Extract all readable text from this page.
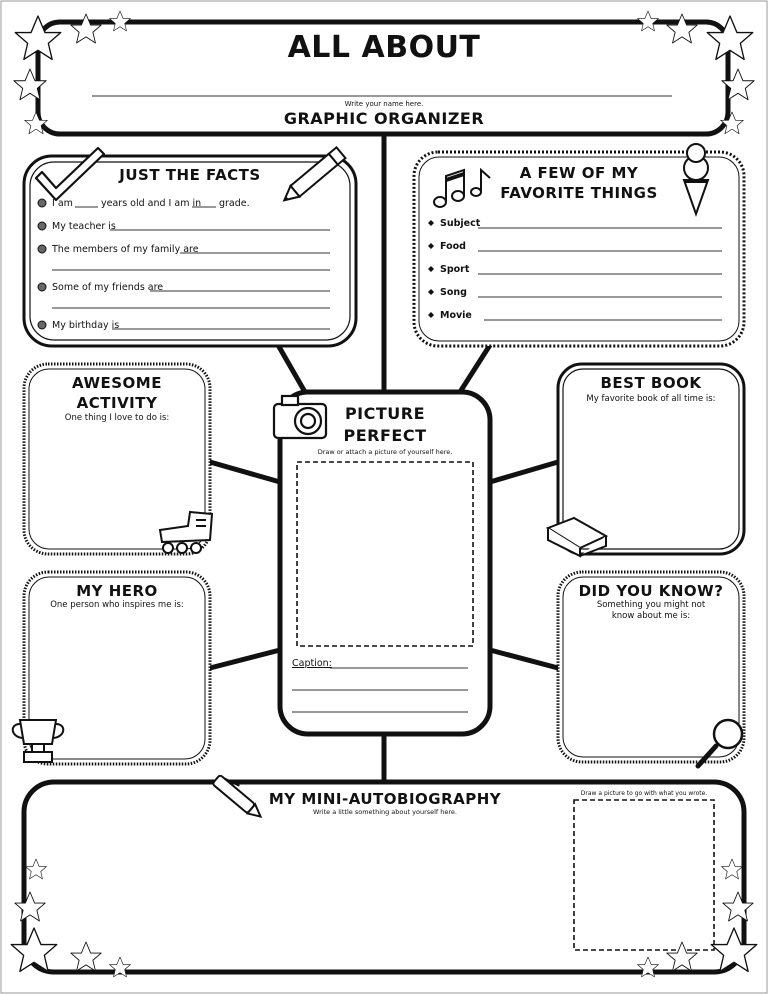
ALL ABOUT
Write your name here.
GRAPHIC ORGANIZER
JUST THE FACTS
I am	years old and I am in grade.
My teacher is
The members of my family are
Some of my friends are
My birthday is
A FEW OF MY
FAVORITE THINGS
Subject
Food
Sport
Song
Movie
AWESOME
ACTIVITY
One thing I love to do is:	PICTURE
PERFECT
Draw or attach a picture of yourself here.
Caption:
BEST BOOK
My favorite book of all time is:
MY HERO
One person who inspires me is:
DID YOU KNOW?
Something you might not
know about me is:
MY MINI-AUTOBIOGRAPHY
Write a little something about yourself here.
Draw a picture to go with what you wrote.
